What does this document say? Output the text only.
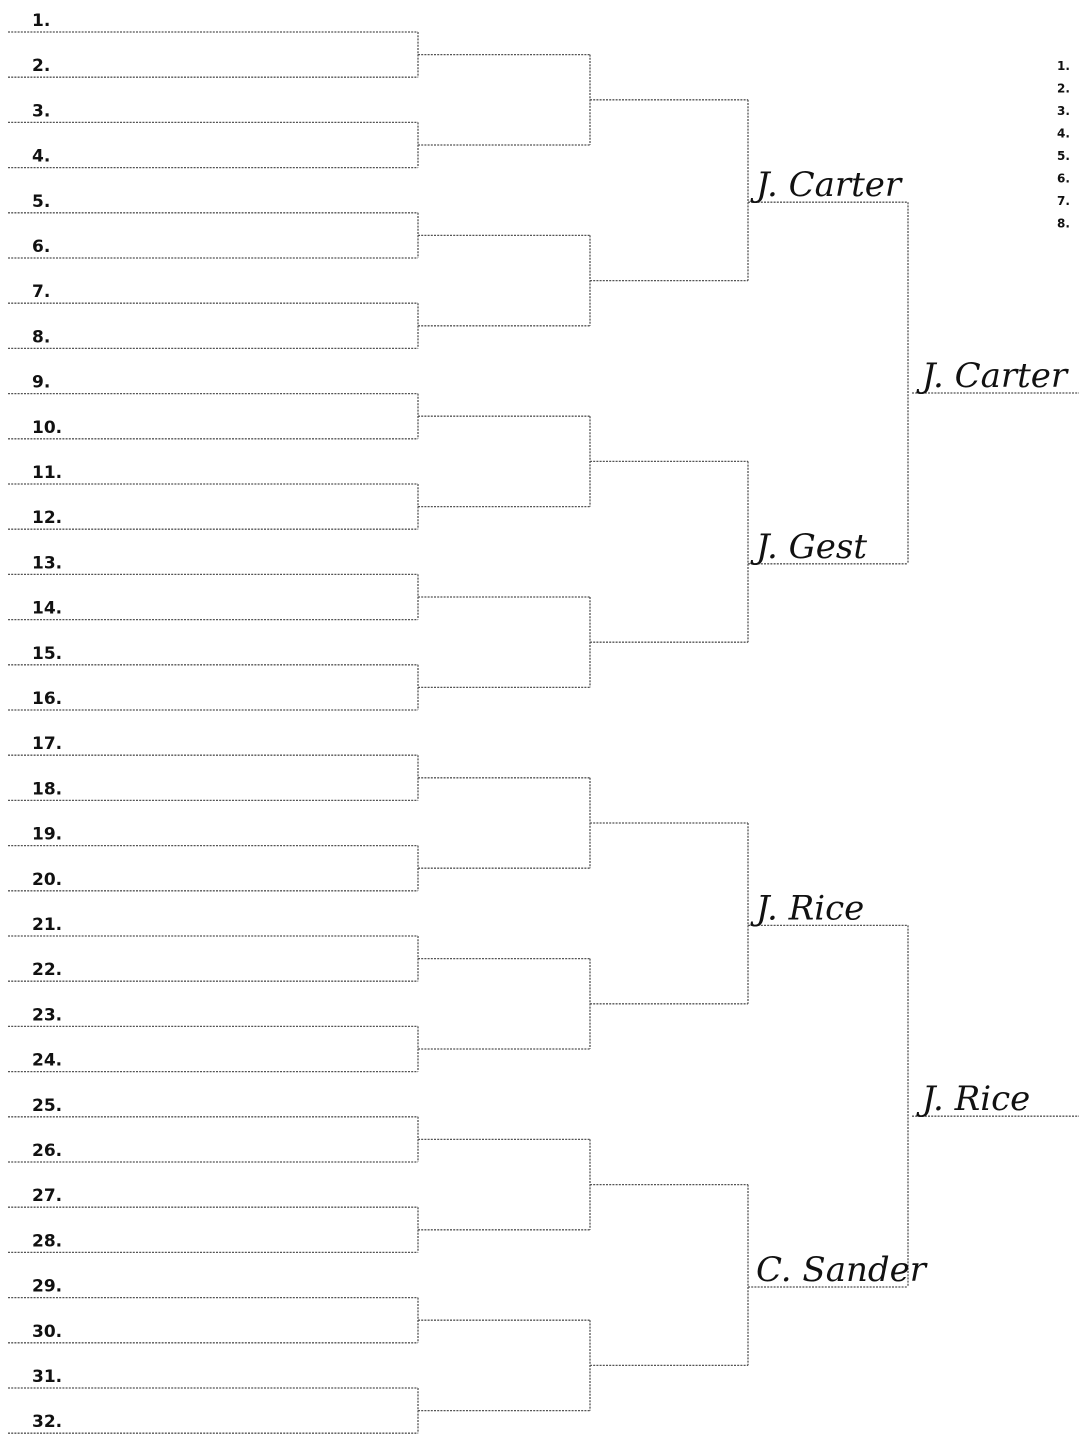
1.
2.
3.
4.
5.
6.
7.
8.
9.
10.
11.
12.
13.
14.
15.
16.
17.
18.
19.
20.
21.
22.
23.
24.
25.
26.
27.
28.
29.
30.
31.
32.
J. Carter
J. Gest
J. Rice
C. Sander
J. Carter
J. Rice
1.
2.
3.
4.
5.
6.
7.
8.
